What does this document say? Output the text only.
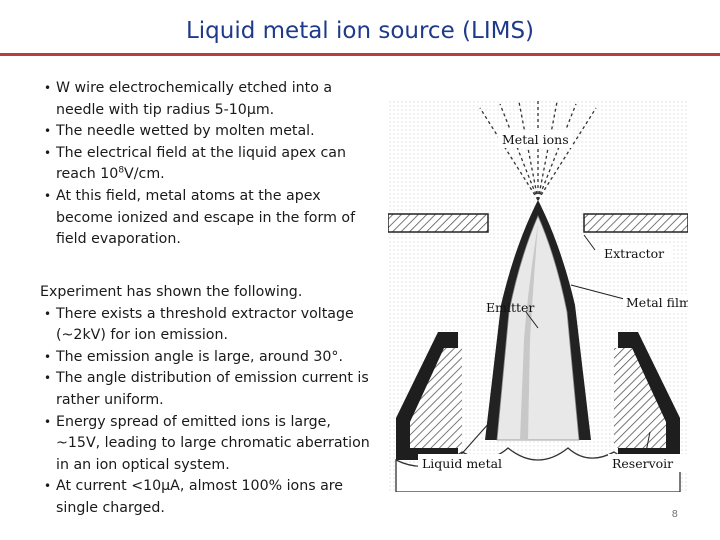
Liquid metal ion source (LIMS)
• W wire electrochemically etched into a needle with tip radius 5-10μm.
• The needle wetted by molten metal.
• The electrical field at the liquid apex can reach $10^8V/cm$.
• At this field, metal atoms at the apex become ionized and escape in the form of field evaporation.
Experiment has shown the following.
• There exists a threshold extractor voltage (~2kV) for ion emission.
• The emission angle is large, around 30°.
• The angle distribution of emission current is rather uniform.
• Energy spread of emitted ions is large, ~15V, leading to large chromatic aberration in an ion optical system.
• At current <10μA, almost 100% ions are single charged.
Metal ions
Extractor
Metal film
Emitter
Liquid metal	Reservoir
8
